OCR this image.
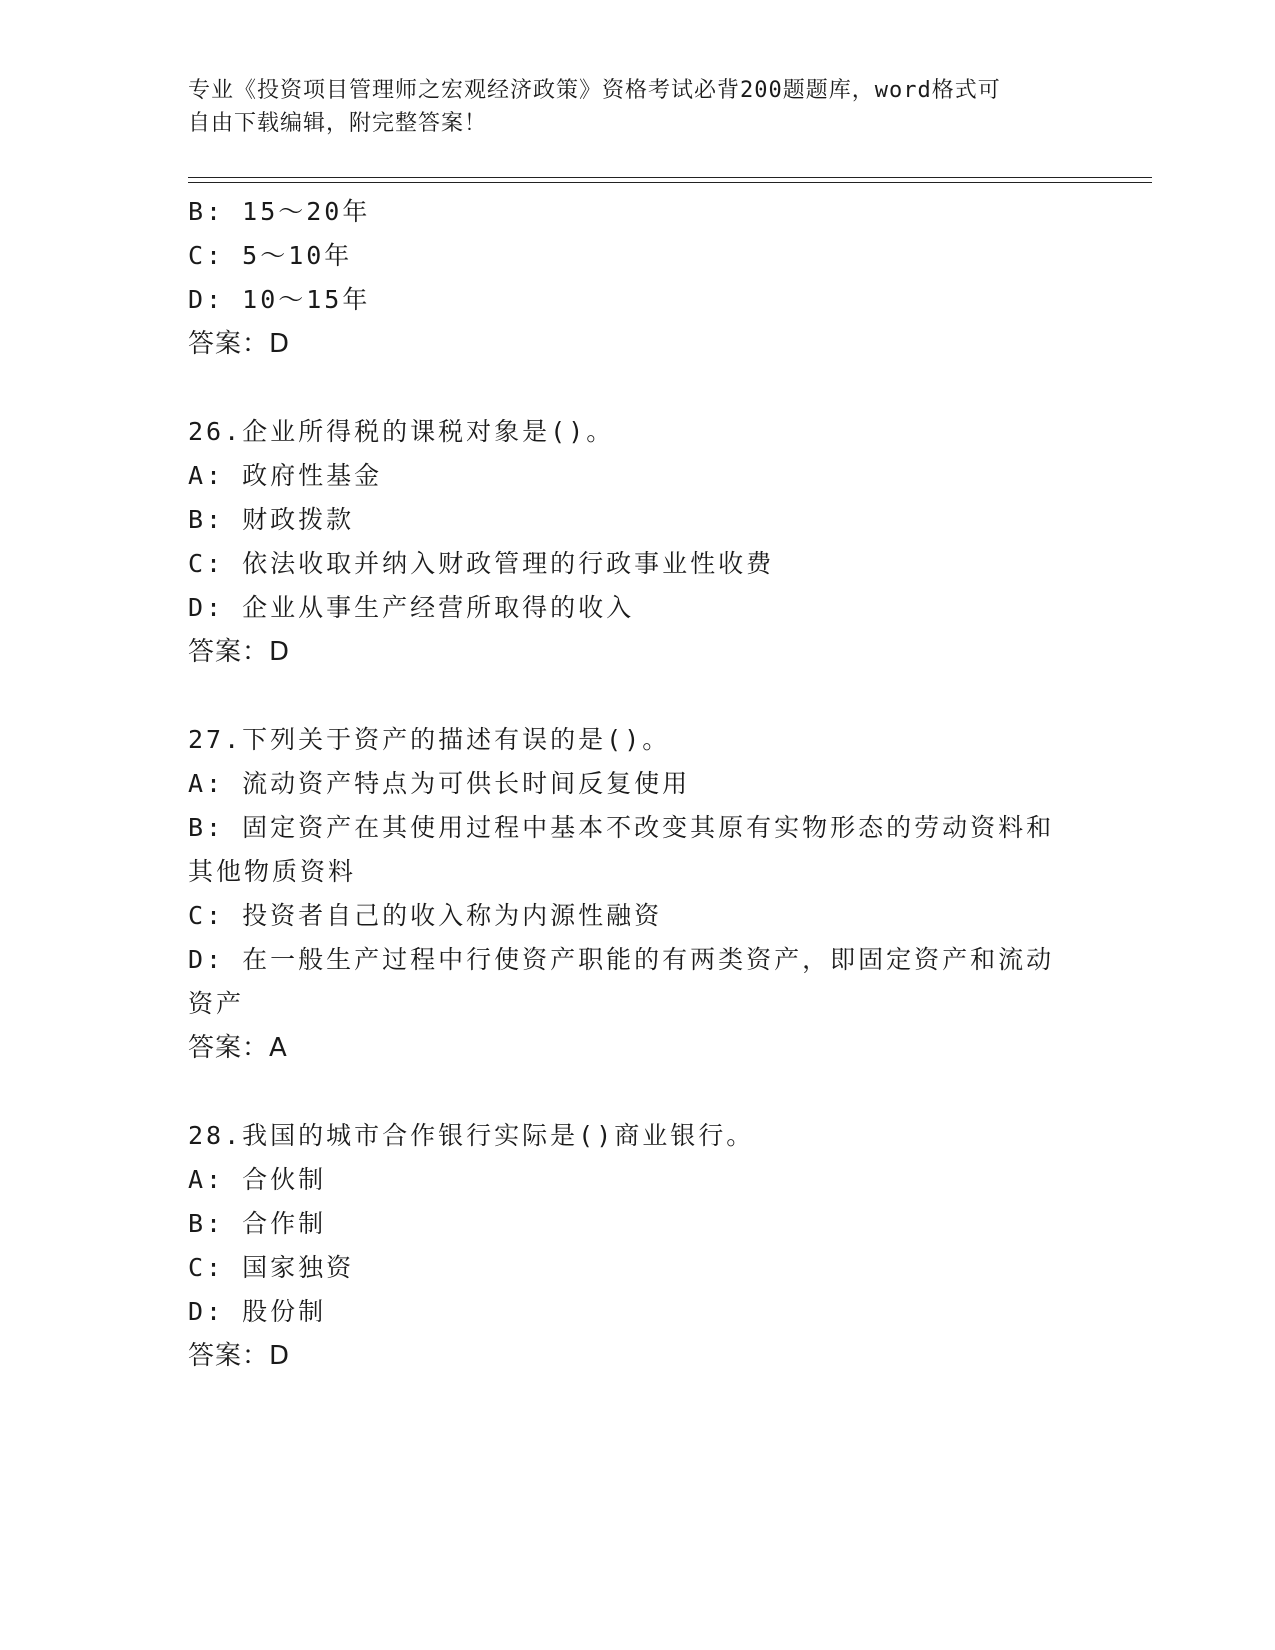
专业《投资项目管理师之宏观经济政策》资格考试必背200题题库，word格式可
自由下载编辑，附完整答案！
B: 15～20年
C: 5～10年
D: 10～15年
答案：D
26.企业所得税的课税对象是()。
A: 政府性基金
B: 财政拨款
C: 依法收取并纳入财政管理的行政事业性收费
D: 企业从事生产经营所取得的收入
答案：D
27.下列关于资产的描述有误的是()。
A: 流动资产特点为可供长时间反复使用
B: 固定资产在其使用过程中基本不改变其原有实物形态的劳动资料和
其他物质资料
C: 投资者自己的收入称为内源性融资
D: 在一般生产过程中行使资产职能的有两类资产，即固定资产和流动
资产
答案：A
28.我国的城市合作银行实际是()商业银行。
A: 合伙制
B: 合作制
C: 国家独资
D: 股份制
答案：D
